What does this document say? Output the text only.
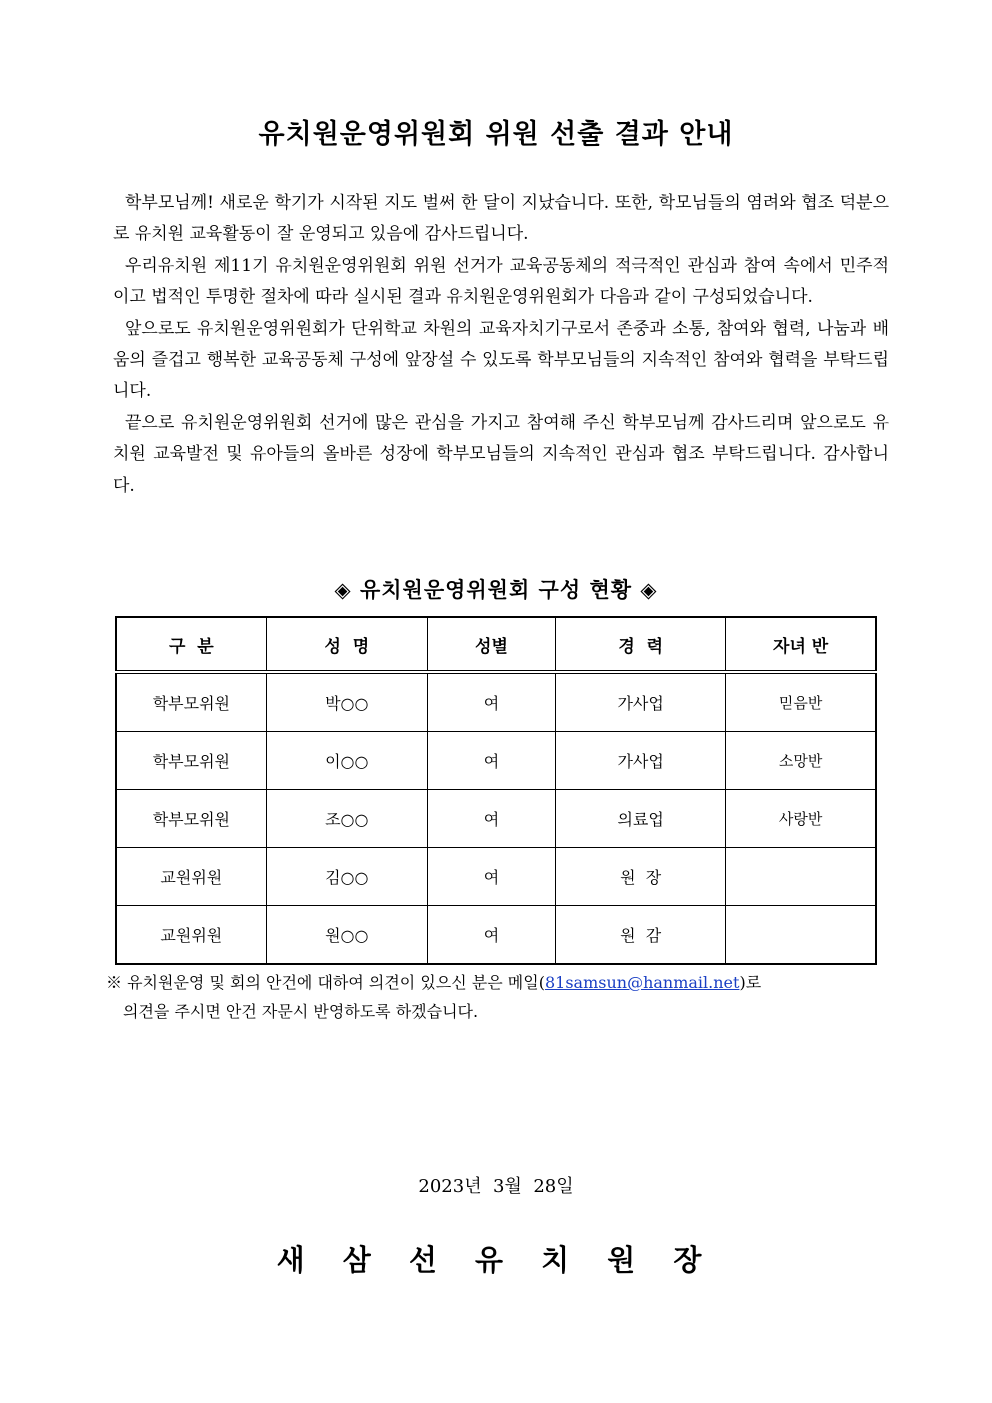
유치원운영위원회 위원 선출 결과 안내

학부모님께! 새로운 학기가 시작된 지도 벌써 한 달이 지났습니다. 또한, 학모님들의 염려와 협조 덕분으로 유치원 교육활동이 잘 운영되고 있음에 감사드립니다.

우리유치원 제11기 유치원운영위원회 위원 선거가 교육공동체의 적극적인 관심과 참여 속에서 민주적이고 법적인 투명한 절차에 따라 실시된 결과 유치원운영위원회가 다음과 같이 구성되었습니다.

앞으로도 유치원운영위원회가 단위학교 차원의 교육자치기구로서 존중과 소통, 참여와 협력, 나눔과 배움의 즐겁고 행복한 교육공동체 구성에 앞장설 수 있도록 학부모님들의 지속적인 참여와 협력을 부탁드립니다.

끝으로 유치원운영위원회 선거에 많은 관심을 가지고 참여해 주신 학부모님께 감사드리며 앞으로도 유치원 교육발전 및 유아들의 올바른 성장에 학부모님들의 지속적인 관심과 협조 부탁드립니다. 감사합니다.

◈ 유치원운영위원회 구성 현황 ◈
구  분	성  명	성별	경  력	자녀 반
학부모위원	박○○	여	가사업	믿음반
학부모위원	이○○	여	가사업	소망반
학부모위원	조○○	여	의료업	사랑반
교원위원	김○○	여	원  장	
교원위원	원○○	여	원  감	
※ 유치원운영 및 회의 안건에 대하여 의견이 있으신 분은 메일(81samsun@hanmail.net)로
의견을 주시면 안건 자문시 반영하도록 하겠습니다.
2023년  3월  28일
새 삼 선 유 치 원 장
